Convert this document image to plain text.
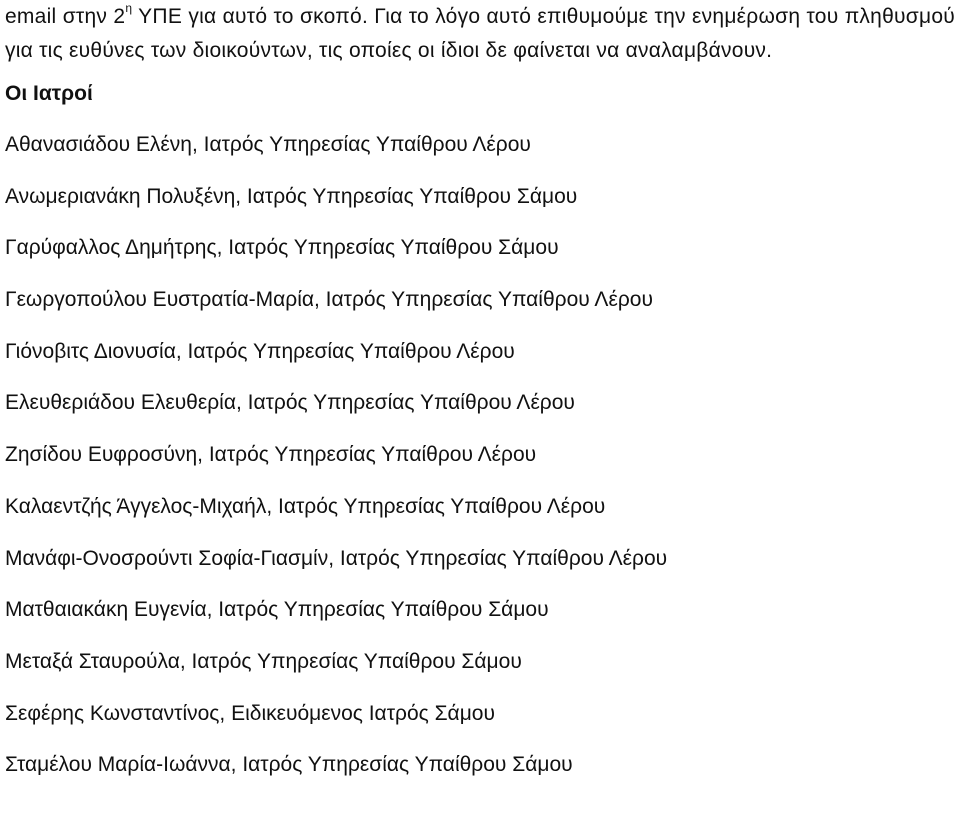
email στην $2^\eta$ ΥΠΕ για αυτό το σκοπό. Για το λόγο αυτό επιθυμούμε την ενημέρωση του πληθυσμού για τις ευθύνες των διοικούντων, τις οποίες οι ίδιοι δε φαίνεται να αναλαμβάνουν.

Οι Ιατροί
Αθανασιάδου Ελένη, Ιατρός Υπηρεσίας Υπαίθρου Λέρου
Ανωμεριανάκη Πολυξένη, Ιατρός Υπηρεσίας Υπαίθρου Σάμου
Γαρύφαλλος Δημήτρης, Ιατρός Υπηρεσίας Υπαίθρου Σάμου
Γεωργοπούλου Ευστρατία-Μαρία, Ιατρός Υπηρεσίας Υπαίθρου Λέρου
Γιόνοβιτς Διονυσία, Ιατρός Υπηρεσίας Υπαίθρου Λέρου
Ελευθεριάδου Ελευθερία, Ιατρός Υπηρεσίας Υπαίθρου Λέρου
Ζησίδου Ευφροσύνη, Ιατρός Υπηρεσίας Υπαίθρου Λέρου
Καλαεντζής Άγγελος-Μιχαήλ, Ιατρός Υπηρεσίας Υπαίθρου Λέρου
Μανάφι-Ονοσρούντι Σοφία-Γιασμίν, Ιατρός Υπηρεσίας Υπαίθρου Λέρου
Ματθαιακάκη Ευγενία, Ιατρός Υπηρεσίας Υπαίθρου Σάμου
Μεταξά Σταυρούλα, Ιατρός Υπηρεσίας Υπαίθρου Σάμου
Σεφέρης Κωνσταντίνος, Ειδικευόμενος Ιατρός Σάμου
Σταμέλου Μαρία-Ιωάννα, Ιατρός Υπηρεσίας Υπαίθρου Σάμου
